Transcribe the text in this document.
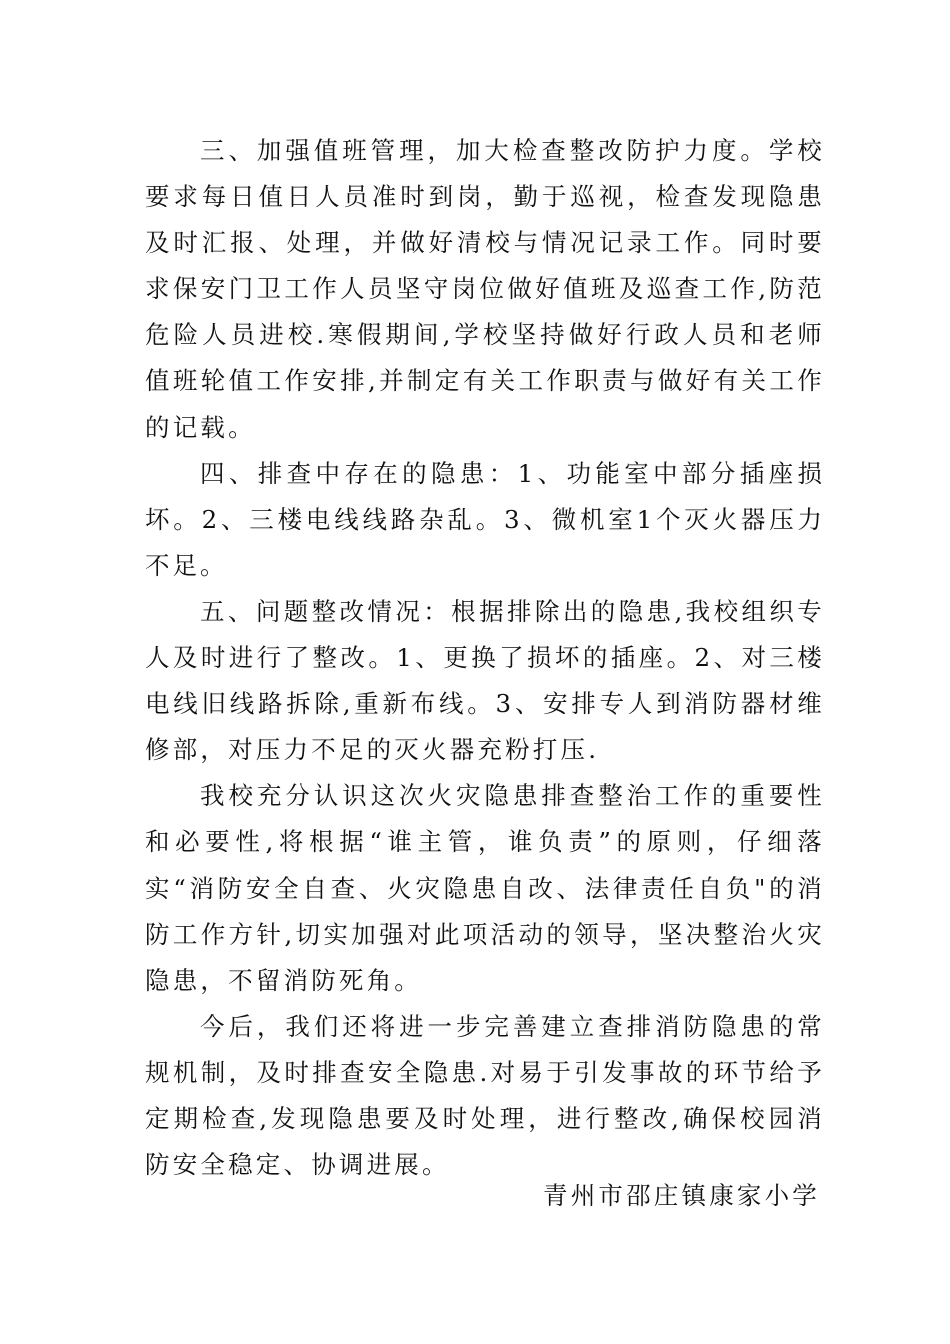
三、加强值班管理，加大检查整改防护力度。学校要求每日值日人员准时到岗，勤于巡视，检查发现隐患及时汇报、处理，并做好清校与情况记录工作。同时要求保安门卫工作人员坚守岗位做好值班及巡查工作,防范危险人员进校.寒假期间,学校坚持做好行政人员和老师值班轮值工作安排,并制定有关工作职责与做好有关工作的记载。

四、排查中存在的隐患：1、功能室中部分插座损坏。2、三楼电线线路杂乱。3、微机室1个灭火器压力不足。

五、问题整改情况：根据排除出的隐患,我校组织专人及时进行了整改。1、更换了损坏的插座。2、对三楼电线旧线路拆除,重新布线。3、安排专人到消防器材维修部，对压力不足的灭火器充粉打压.

我校充分认识这次火灾隐患排查整治工作的重要性和必要性,将根据“谁主管，谁负责”的原则，仔细落实“消防安全自查、火灾隐患自改、法律责任自负"的消防工作方针,切实加强对此项活动的领导，坚决整治火灾隐患，不留消防死角。

今后，我们还将进一步完善建立查排消防隐患的常规机制，及时排查安全隐患.对易于引发事故的环节给予定期检查,发现隐患要及时处理，进行整改,确保校园消防安全稳定、协调进展。

青州市邵庄镇康家小学
